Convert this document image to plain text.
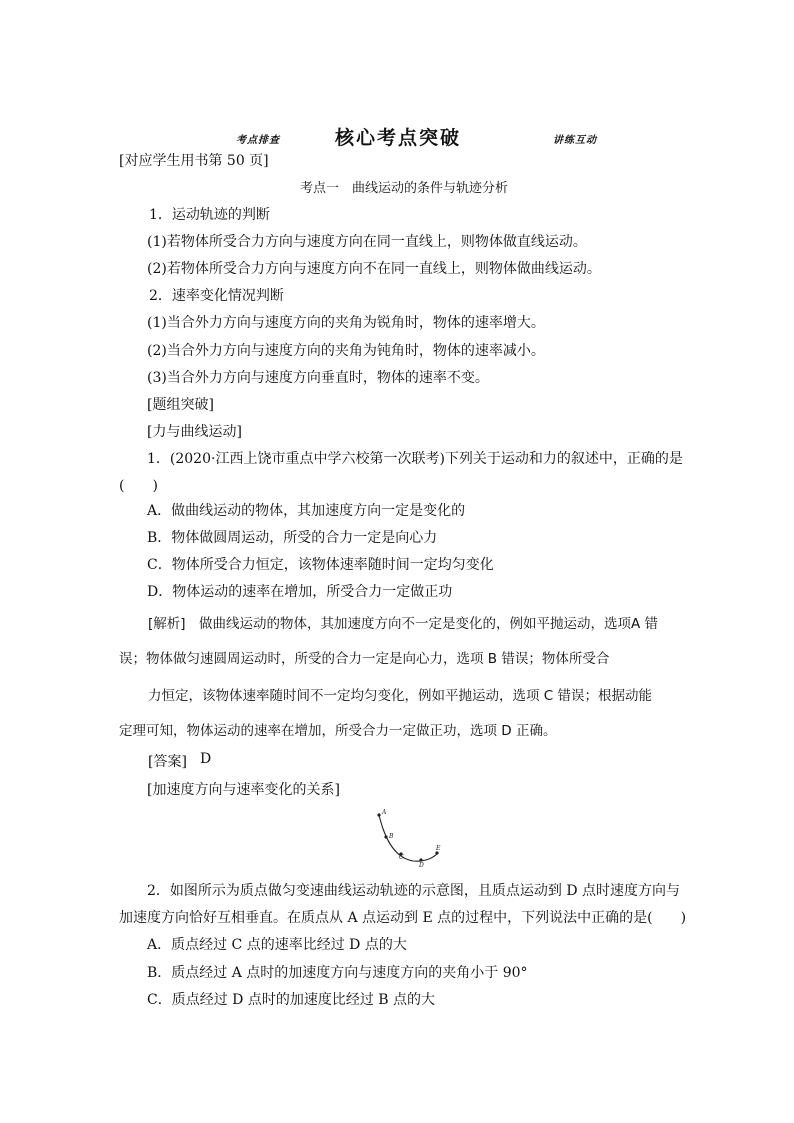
考点排查	核心考点突破	讲练互动
[对应学生用书第 50 页]
考点一　曲线运动的条件与轨迹分析
1．运动轨迹的判断
(1)若物体所受合力方向与速度方向在同一直线上，则物体做直线运动。
(2)若物体所受合力方向与速度方向不在同一直线上，则物体做曲线运动。
2．速率变化情况判断
(1)当合外力方向与速度方向的夹角为锐角时，物体的速率增大。
(2)当合外力方向与速度方向的夹角为钝角时，物体的速率减小。
(3)当合外力方向与速度方向垂直时，物体的速率不变。
[题组突破]
[力与曲线运动]
1．(2020·江西上饶市重点中学六校第一次联考)下列关于运动和力的叙述中，正确的是
(　　)
A．做曲线运动的物体，其加速度方向一定是变化的
B．物体做圆周运动，所受的合力一定是向心力
C．物体所受合力恒定，该物体速率随时间一定均匀变化
D．物体运动的速率在增加，所受合力一定做正功
[解析] 做曲线运动的物体，其加速度方向不一定是变化的，例如平抛运动，选项A 错
误；物体做匀速圆周运动时，所受的合力一定是向心力，选项 B 错误；物体所受合
力恒定，该物体速率随时间不一定均匀变化，例如平抛运动，选项 C 错误；根据动能
定理可知，物体运动的速率在增加，所受合力一定做正功，选项 D 正确。
[答案] D
[加速度方向与速率变化的关系]
A
B
C
D
E
2．如图所示为质点做匀变速曲线运动轨迹的示意图，且质点运动到 D 点时速度方向与
加速度方向恰好互相垂直。在质点从 A 点运动到 E 点的过程中，下列说法中正确的是(　　)
A．质点经过 C 点的速率比经过 D 点的大
B．质点经过 A 点时的加速度方向与速度方向的夹角小于 90°
C．质点经过 D 点时的加速度比经过 B 点的大
